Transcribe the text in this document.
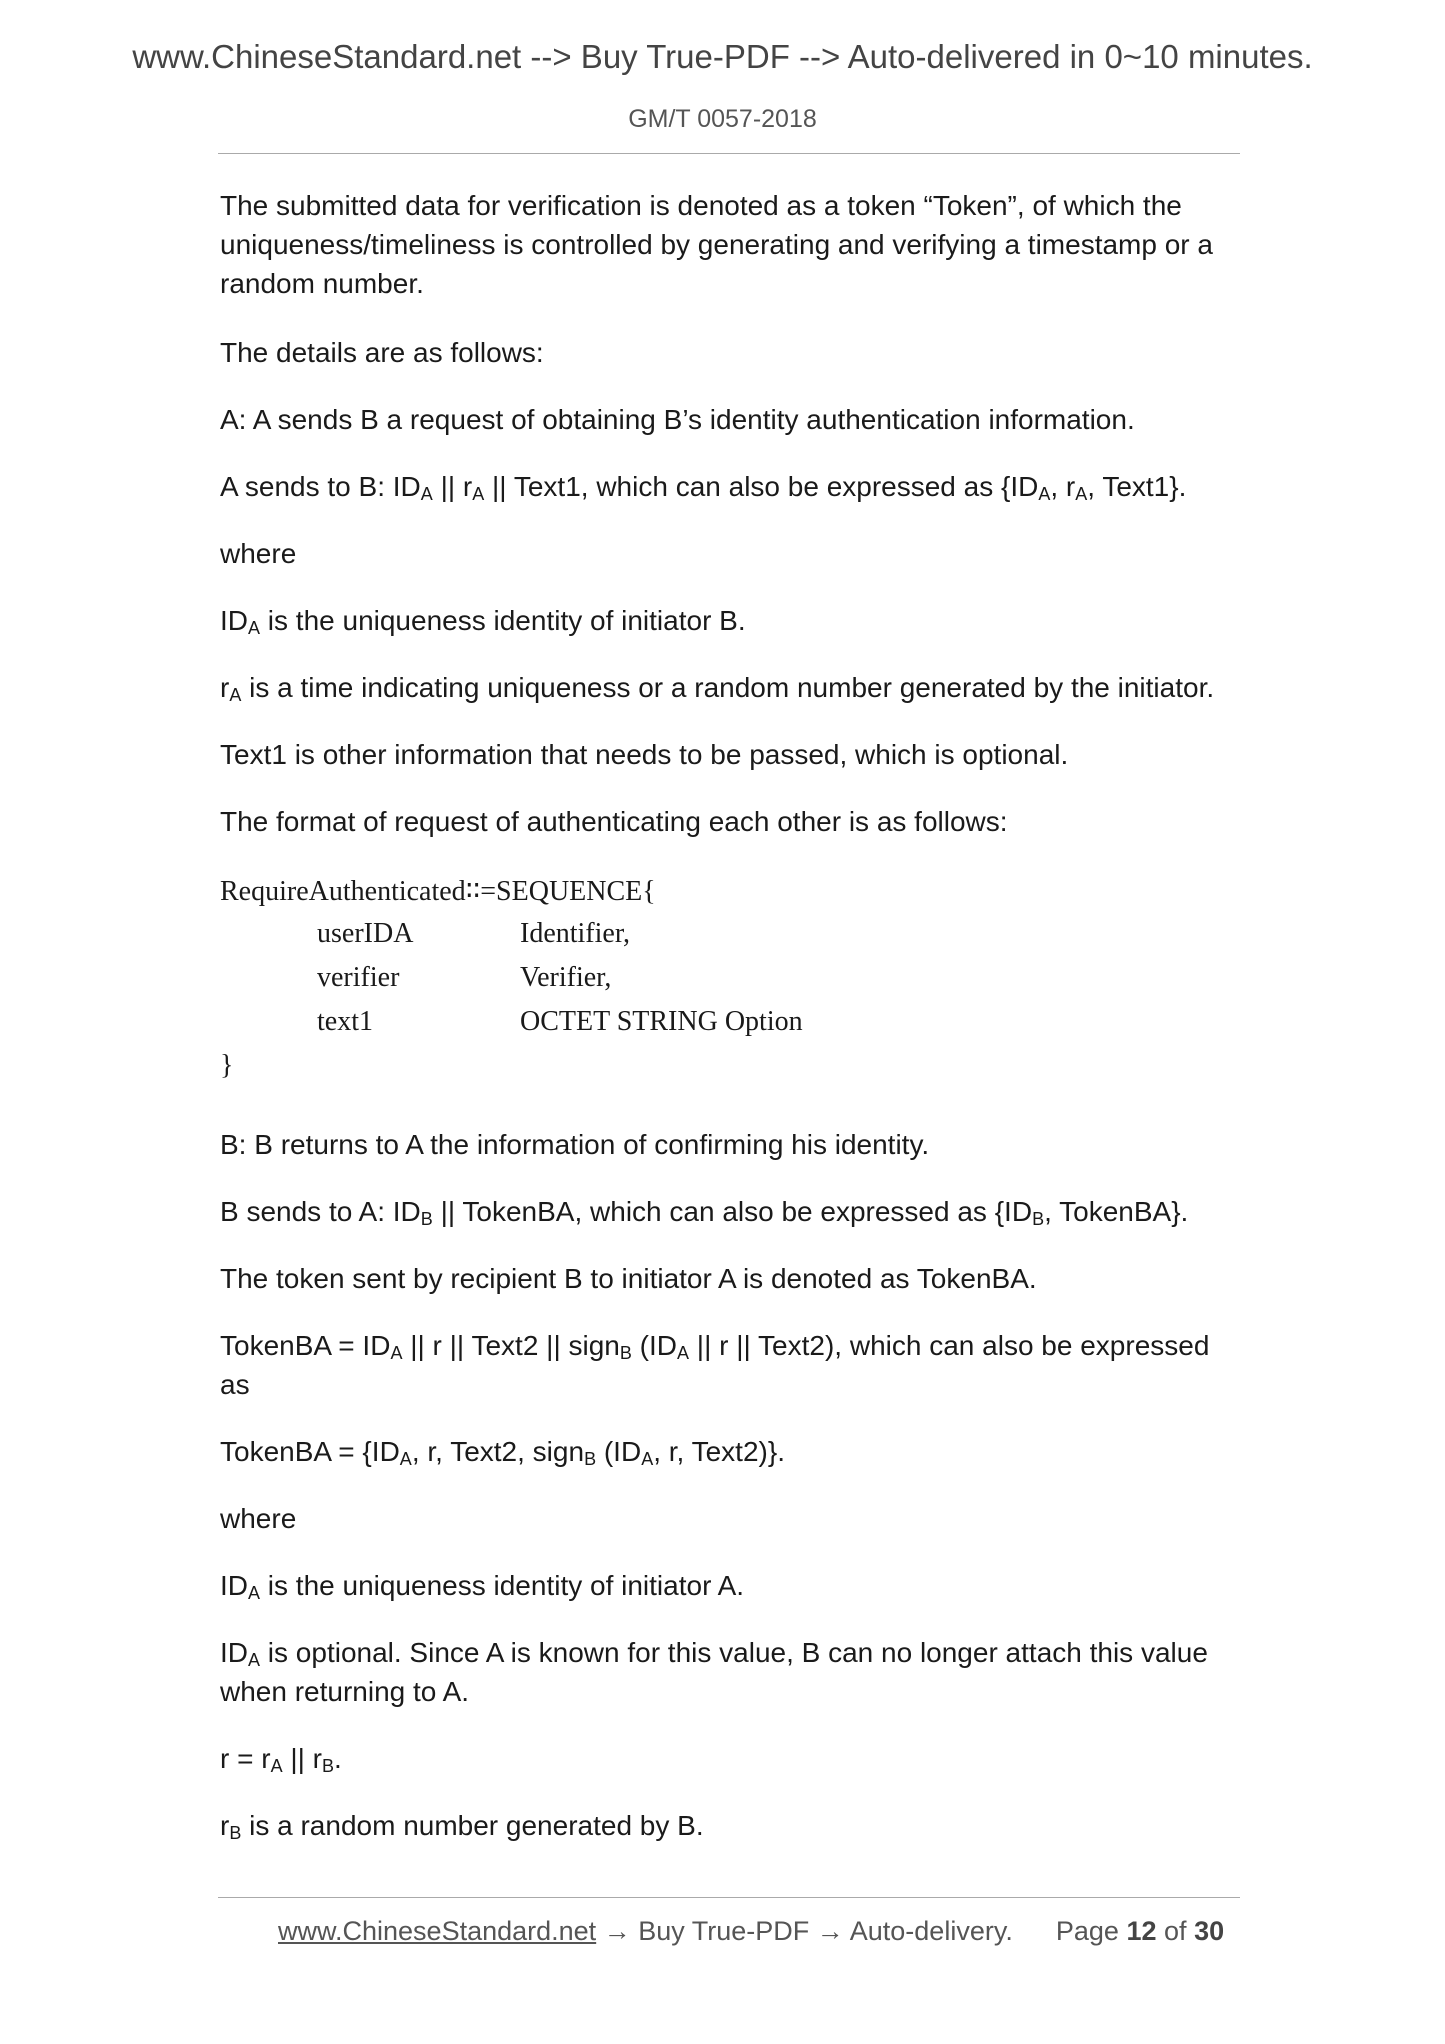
www.ChineseStandard.net --> Buy True-PDF --> Auto-delivered in 0~10 minutes.
GM/T 0057-2018

The submitted data for verification is denoted as a token “Token”, of which the uniqueness/timeliness is controlled by generating and verifying a timestamp or a random number.

The details are as follows:

A: A sends B a request of obtaining B’s identity authentication information.

A sends to B: $ID_A$ || $r_A$ || Text1, which can also be expressed as {$ID_A$, $r_A$, Text1}.

where

$ID_A$ is the uniqueness identity of initiator B.

$r_A$ is a time indicating uniqueness or a random number generated by the initiator.

Text1 is other information that needs to be passed, which is optional.

The format of request of authenticating each other is as follows:

RequireAuthenticated∶∶=SEQUENCE{
userIDA	Identifier,
verifier	Verifier,
text1	OCTET STRING Option
}

B: B returns to A the information of confirming his identity.

B sends to A: $ID_B$ || TokenBA, which can also be expressed as {$ID_B$, TokenBA}.

The token sent by recipient B to initiator A is denoted as TokenBA.

TokenBA = $ID_A$ || r || Text2 || sign$_B$ ($ID_A$ || r || Text2), which can also be expressed as

TokenBA = {$ID_A$, r, Text2, sign$_B$ ($ID_A$, r, Text2)}.

where

$ID_A$ is the uniqueness identity of initiator A.

$ID_A$ is optional. Since A is known for this value, B can no longer attach this value when returning to A.

$r = r_A$ || $r_B$.

$r_B$ is a random number generated by B.

www.ChineseStandard.net → Buy True-PDF → Auto-delivery. Page 12 of 30
